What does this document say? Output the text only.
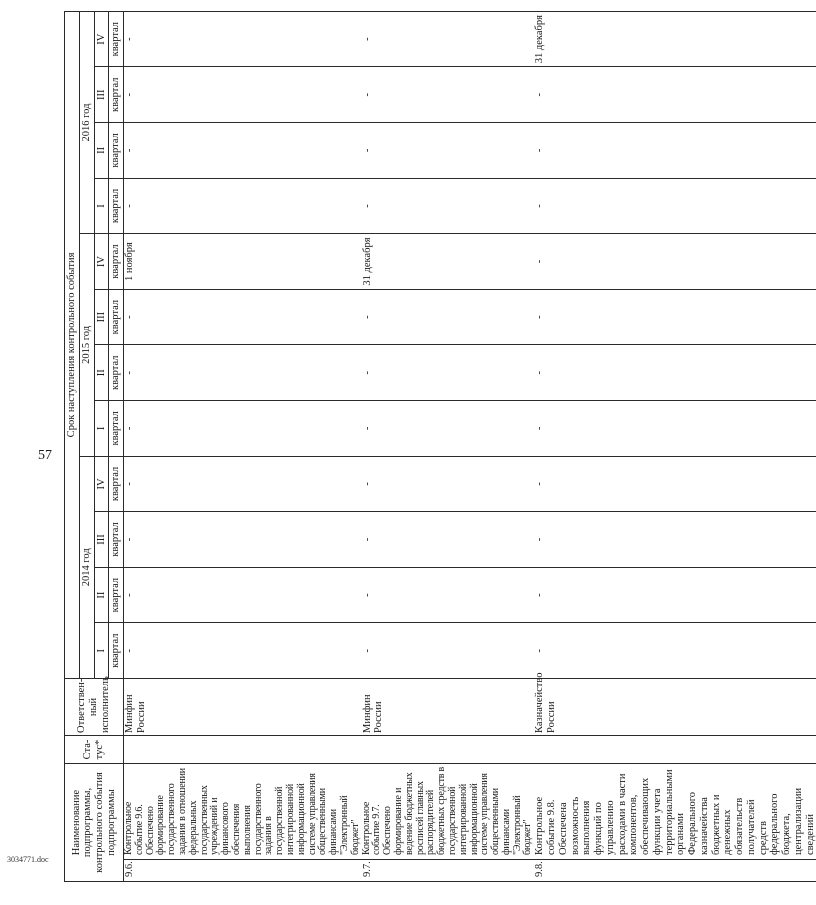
57
3034771.doc
Наименование подпрограммы, контрольного события подпрограммы		Ста-тус*	Ответствен-ный исполнитель	Срок наступления контрольного события											
				2014 год				2015 год				2016 год			
				I	II	III	IV	I	II	III	IV	I	II	III	IV
				квартал	квартал	квартал	квартал	квартал	квартал	квартал	квартал	квартал	квартал	квартал	квартал
9.6.	Контрольное событие 9.6. Обеспечено формирование государственного задания в отношении федеральных государственных учреждений и финансового обеспечения выполнения государственного задания в государственной интегрированной информационной системе управления общественными финансами "Электронный бюджет"		Минфин России	-	-	-	-	-	-	-	1 ноября	-	-	-	-
9.7.	Контрольное событие 9.7. Обеспечено формирование и ведение бюджетных росписей главных распорядителей бюджетных средств в государственной интегрированной информационной системе управления общественными финансами "Электронный бюджет"		Минфин России	-	-	-	-	-	-	-	31 декабря	-	-	-	-
9.8.	Контрольное событие 9.8. Обеспечена возможность выполнения функций по управлению расходами в части компонентов, обеспечивающих функции учета территориальными органами Федерального казначейства бюджетных и денежных обязательств получателей средств федерального бюджета, централизации сведений		Казначейство России	-	-	-	-	-	-	-	-	-	-	-	31 декабря
